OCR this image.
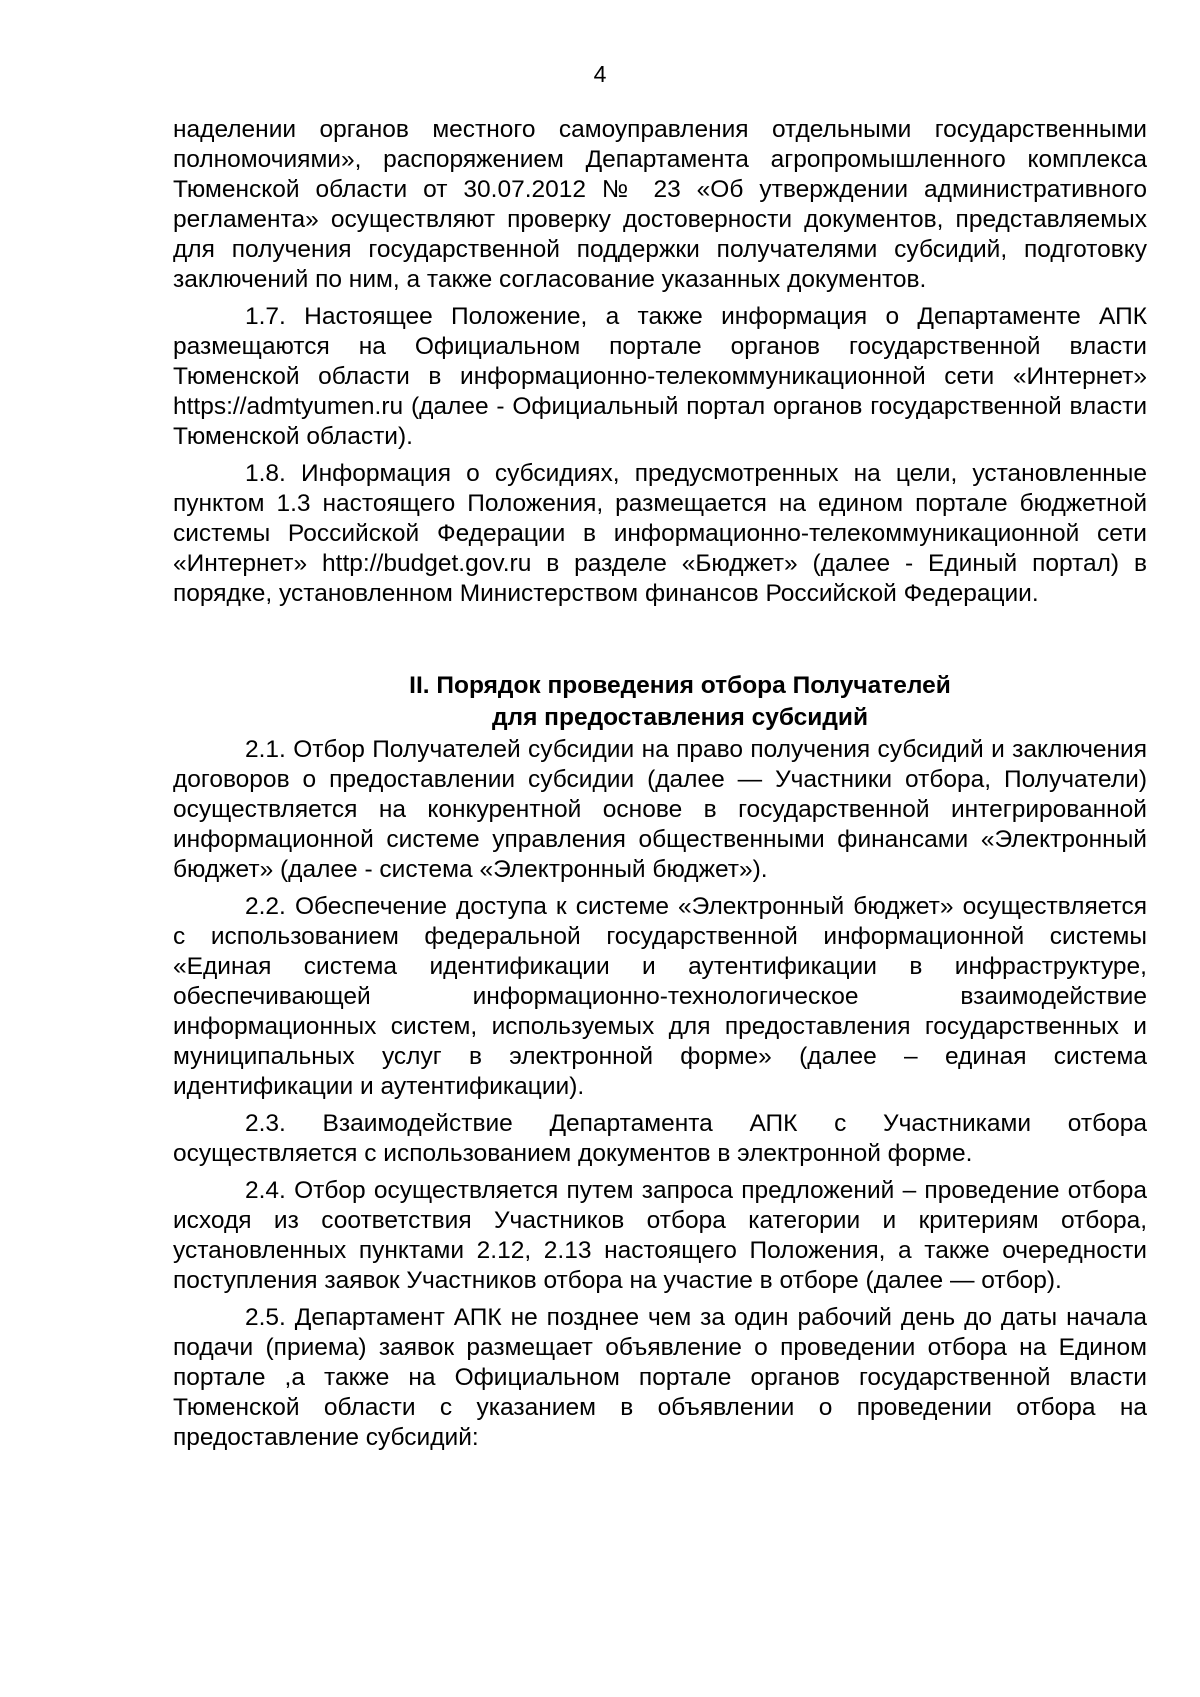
4

наделении органов местного самоуправления отдельными государственными полномочиями», распоряжением Департамента агропромышленного комплекса Тюменской области от 30.07.2012 № 23 «Об утверждении административного регламента» осуществляют проверку достоверности документов, представляемых для получения государственной поддержки получателями субсидий, подготовку заключений по ним, а также согласование указанных документов.

1.7. Настоящее Положение, а также информация о Департаменте АПК размещаются на Официальном портале органов государственной власти Тюменской области в информационно-телекоммуникационной сети «Интернет» https://admtyumen.ru (далее - Официальный портал органов государственной власти Тюменской области).

1.8. Информация о субсидиях, предусмотренных на цели, установленные пунктом 1.3 настоящего Положения, размещается на едином портале бюджетной системы Российской Федерации в информационно-телекоммуникационной сети «Интернет» http://budget.gov.ru в разделе «Бюджет» (далее - Единый портал) в порядке, установленном Министерством финансов Российской Федерации.

II. Порядок проведения отбора Получателей
для предоставления субсидий

2.1. Отбор Получателей субсидии на право получения субсидий и заключения договоров о предоставлении субсидии (далее — Участники отбора, Получатели) осуществляется на конкурентной основе в государственной интегрированной информационной системе управления общественными финансами «Электронный бюджет» (далее - система «Электронный бюджет»).

2.2. Обеспечение доступа к системе «Электронный бюджет» осуществляется с использованием федеральной государственной информационной системы «Единая система идентификации и аутентификации в инфраструктуре, обеспечивающей информационно-технологическое взаимодействие информационных систем, используемых для предоставления государственных и муниципальных услуг в электронной форме» (далее – единая система идентификации и аутентификации).

2.3. Взаимодействие Департамента АПК с Участниками отбора осуществляется с использованием документов в электронной форме.

2.4. Отбор осуществляется путем запроса предложений – проведение отбора исходя из соответствия Участников отбора категории и критериям отбора, установленных пунктами 2.12, 2.13 настоящего Положения, а также очередности поступления заявок Участников отбора на участие в отборе (далее — отбор).

2.5. Департамент АПК не позднее чем за один рабочий день до даты начала подачи (приема) заявок размещает объявление о проведении отбора на Едином портале ,а также на Официальном портале органов государственной власти Тюменской области с указанием в объявлении о проведении отбора на предоставление субсидий:
